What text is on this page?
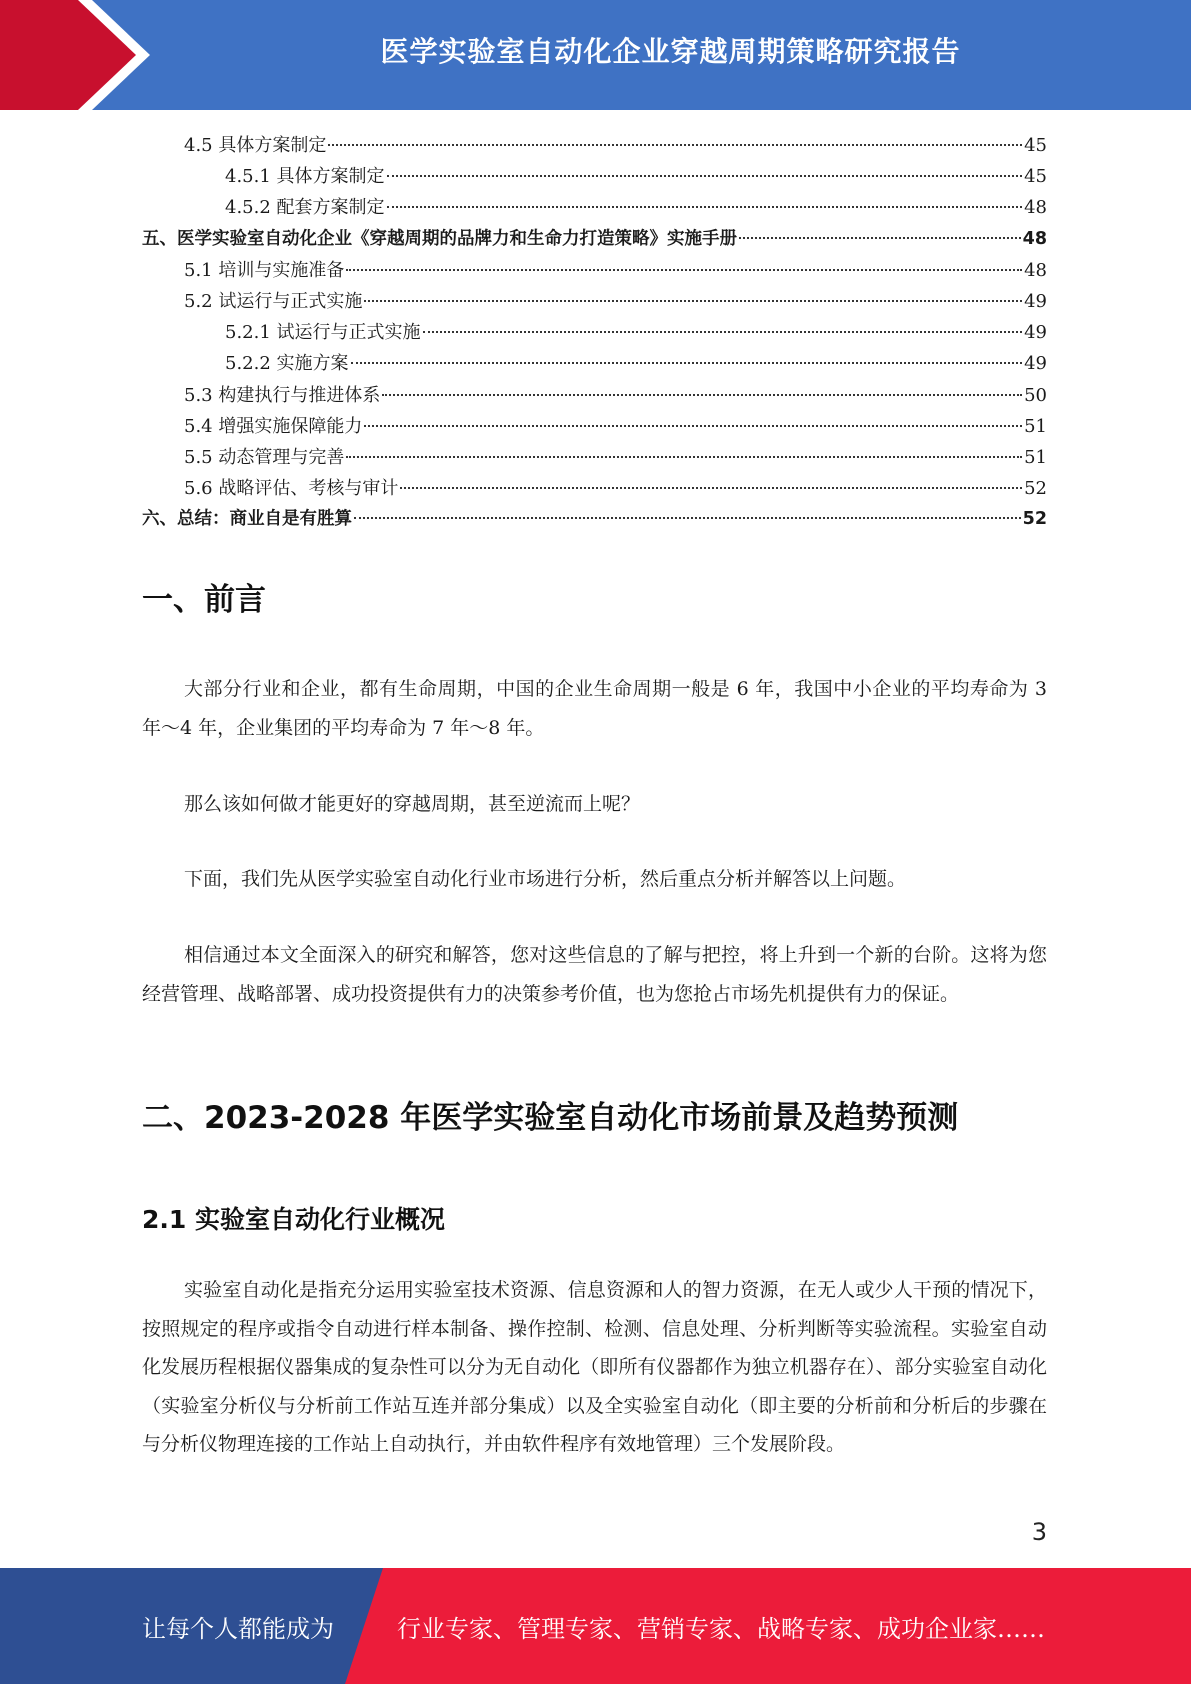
医学实验室自动化企业穿越周期策略研究报告
4.5 具体方案制定	45
4.5.1 具体方案制定	45
4.5.2 配套方案制定	48
五、医学实验室自动化企业《穿越周期的品牌力和生命力打造策略》实施手册	48
5.1 培训与实施准备	48
5.2 试运行与正式实施	49
5.2.1 试运行与正式实施	49
5.2.2 实施方案	49
5.3 构建执行与推进体系	50
5.4 增强实施保障能力	51
5.5 动态管理与完善	51
5.6 战略评估、考核与审计	52
六、总结：商业自是有胜算	52
一、前言
大部分行业和企业，都有生命周期，中国的企业生命周期一般是 6 年，我国中小企业的平均寿命为 3 年～4 年，企业集团的平均寿命为 7 年～8 年。
那么该如何做才能更好的穿越周期，甚至逆流而上呢？
下面，我们先从医学实验室自动化行业市场进行分析，然后重点分析并解答以上问题。
相信通过本文全面深入的研究和解答，您对这些信息的了解与把控，将上升到一个新的台阶。这将为您经营管理、战略部署、成功投资提供有力的决策参考价值，也为您抢占市场先机提供有力的保证。
二、2023-2028 年医学实验室自动化市场前景及趋势预测
2.1 实验室自动化行业概况
实验室自动化是指充分运用实验室技术资源、信息资源和人的智力资源，在无人或少人干预的情况下，按照规定的程序或指令自动进行样本制备、操作控制、检测、信息处理、分析判断等实验流程。实验室自动化发展历程根据仪器集成的复杂性可以分为无自动化（即所有仪器都作为独立机器存在）、部分实验室自动化（实验室分析仪与分析前工作站互连并部分集成）以及全实验室自动化（即主要的分析前和分析后的步骤在与分析仪物理连接的工作站上自动执行，并由软件程序有效地管理）三个发展阶段。
3
让每个人都能成为	行业专家、管理专家、营销专家、战略专家、成功企业家……
